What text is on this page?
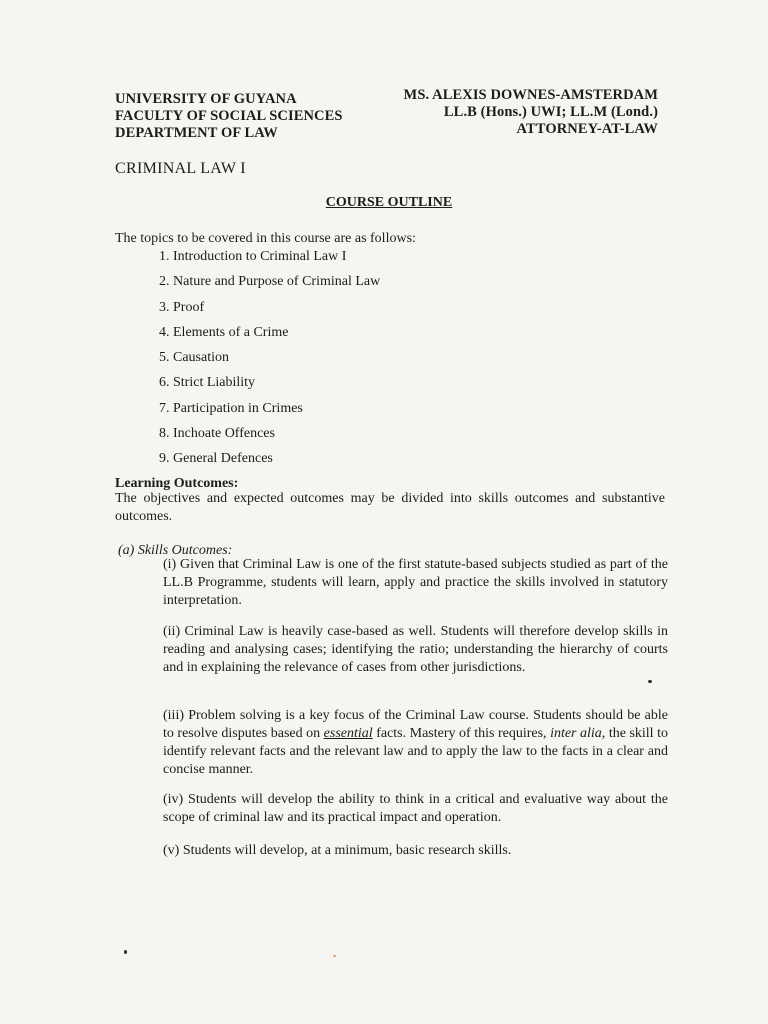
UNIVERSITY OF GUYANA
FACULTY OF SOCIAL SCIENCES
DEPARTMENT OF LAW
MS. ALEXIS DOWNES-AMSTERDAM
LL.B (Hons.) UWI; LL.M (Lond.)
ATTORNEY-AT-LAW
CRIMINAL LAW I
COURSE OUTLINE
The topics to be covered in this course are as follows:
1. Introduction to Criminal Law I
2. Nature and Purpose of Criminal Law
3. Proof
4. Elements of a Crime
5. Causation
6. Strict Liability
7. Participation in Crimes
8. Inchoate Offences
9. General Defences
Learning Outcomes:
The objectives and expected outcomes may be divided into skills outcomes and substantive outcomes.
(a) Skills Outcomes:
(i) Given that Criminal Law is one of the first statute-based subjects studied as part of the LL.B Programme, students will learn, apply and practice the skills involved in statutory interpretation.
(ii) Criminal Law is heavily case-based as well. Students will therefore develop skills in reading and analysing cases; identifying the ratio; understanding the hierarchy of courts and in explaining the relevance of cases from other jurisdictions.
(iii) Problem solving is a key focus of the Criminal Law course. Students should be able to resolve disputes based on essential facts. Mastery of this requires, inter alia, the skill to identify relevant facts and the relevant law and to apply the law to the facts in a clear and concise manner.
(iv) Students will develop the ability to think in a critical and evaluative way about the scope of criminal law and its practical impact and operation.
(v) Students will develop, at a minimum, basic research skills.
